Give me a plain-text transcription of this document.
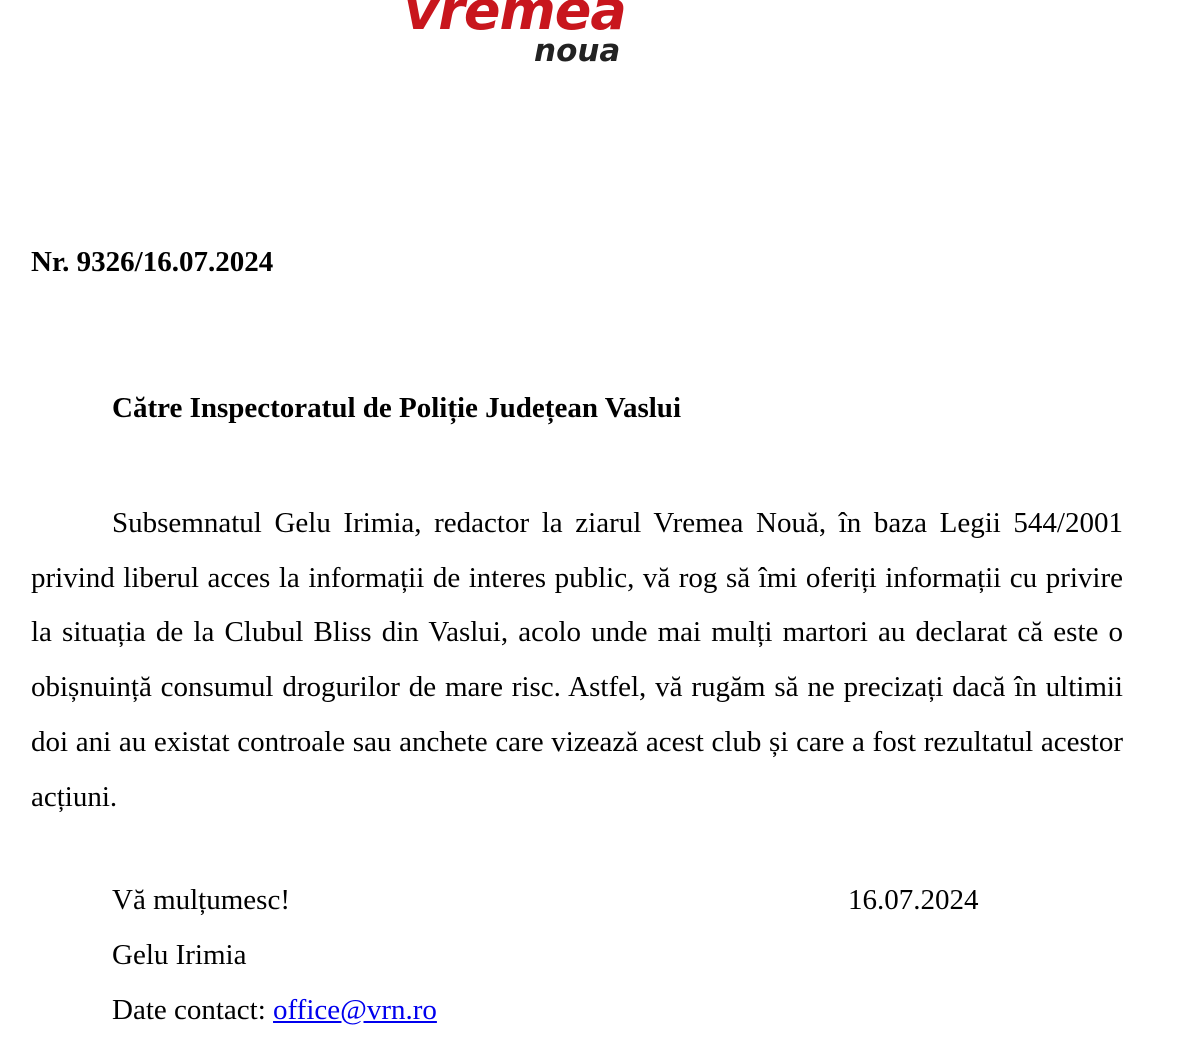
vremea
noua
Nr. 9326/16.07.2024
Către Inspectoratul de Poliție Județean Vaslui

Subsemnatul Gelu Irimia, redactor la ziarul Vremea Nouă, în baza Legii 544/2001 privind liberul acces la informații de interes public, vă rog să îmi oferiți informații cu privire la situația de la Clubul Bliss din Vaslui, acolo unde mai mulți martori au declarat că este o obișnuință consumul drogurilor de mare risc. Astfel, vă rugăm să ne precizați dacă în ultimii doi ani au existat controale sau anchete care vizează acest club și care a fost rezultatul acestor acțiuni.

Vă mulțumesc!	16.07.2024
Gelu Irimia
Date contact: office@vrn.ro
